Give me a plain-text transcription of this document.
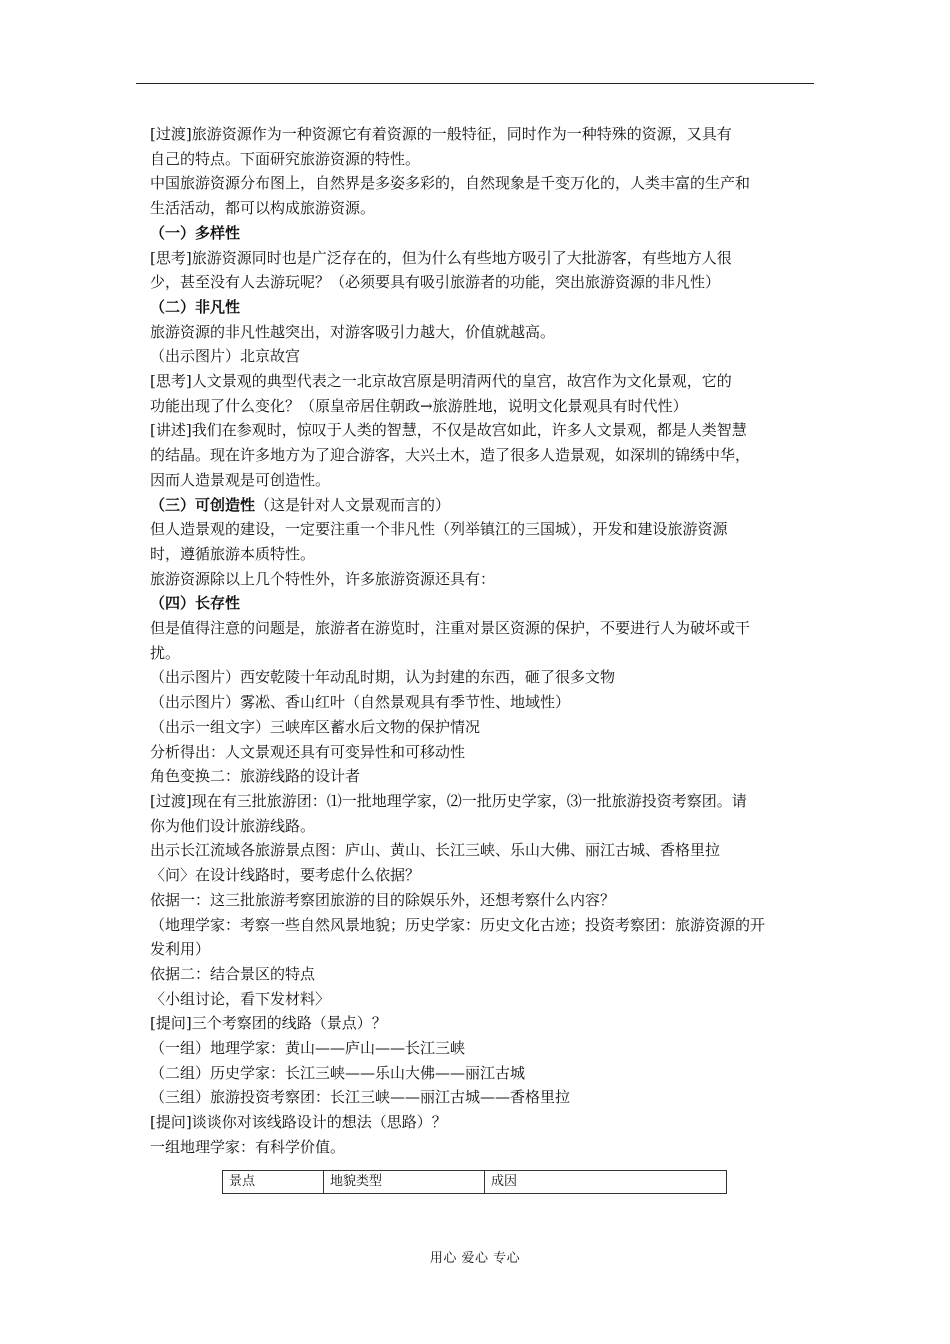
[过渡]旅游资源作为一种资源它有着资源的一般特征，同时作为一种特殊的资源，又具有
自己的特点。下面研究旅游资源的特性。
中国旅游资源分布图上，自然界是多姿多彩的，自然现象是千变万化的，人类丰富的生产和
生活活动，都可以构成旅游资源。
（一）多样性
[思考]旅游资源同时也是广泛存在的，但为什么有些地方吸引了大批游客，有些地方人很
少，甚至没有人去游玩呢？（必须要具有吸引旅游者的功能，突出旅游资源的非凡性）
（二）非凡性
旅游资源的非凡性越突出，对游客吸引力越大，价值就越高。
（出示图片）北京故宫
[思考]人文景观的典型代表之一北京故宫原是明清两代的皇宫，故宫作为文化景观，它的
功能出现了什么变化？（原皇帝居住朝政→旅游胜地，说明文化景观具有时代性）
[讲述]我们在参观时，惊叹于人类的智慧，不仅是故宫如此，许多人文景观，都是人类智慧
的结晶。现在许多地方为了迎合游客，大兴土木，造了很多人造景观，如深圳的锦绣中华，
因而人造景观是可创造性。
（三）可创造性（这是针对人文景观而言的）
但人造景观的建设，一定要注重一个非凡性（列举镇江的三国城），开发和建设旅游资源
时，遵循旅游本质特性。
旅游资源除以上几个特性外，许多旅游资源还具有：
（四）长存性
但是值得注意的问题是，旅游者在游览时，注重对景区资源的保护，不要进行人为破坏或干
扰。
（出示图片）西安乾陵十年动乱时期，认为封建的东西，砸了很多文物
（出示图片）雾凇、香山红叶（自然景观具有季节性、地域性）
（出示一组文字）三峡库区蓄水后文物的保护情况
分析得出：人文景观还具有可变异性和可移动性
角色变换二：旅游线路的设计者
[过渡]现在有三批旅游团：⑴一批地理学家，⑵一批历史学家，⑶一批旅游投资考察团。请
你为他们设计旅游线路。
出示长江流域各旅游景点图：庐山、黄山、长江三峡、乐山大佛、丽江古城、香格里拉
〈问〉在设计线路时，要考虑什么依据？
依据一：这三批旅游考察团旅游的目的除娱乐外，还想考察什么内容？
（地理学家：考察一些自然风景地貌；历史学家：历史文化古迹；投资考察团：旅游资源的开
发利用）
依据二：结合景区的特点
〈小组讨论，看下发材料〉
[提问]三个考察团的线路（景点）？
（一组）地理学家：黄山——庐山——长江三峡
（二组）历史学家：长江三峡——乐山大佛——丽江古城
（三组）旅游投资考察团：长江三峡——丽江古城——香格里拉
[提问]谈谈你对该线路设计的想法（思路）？
一组地理学家：有科学价值。
景点	地貌类型	成因
用心 爱心 专心
